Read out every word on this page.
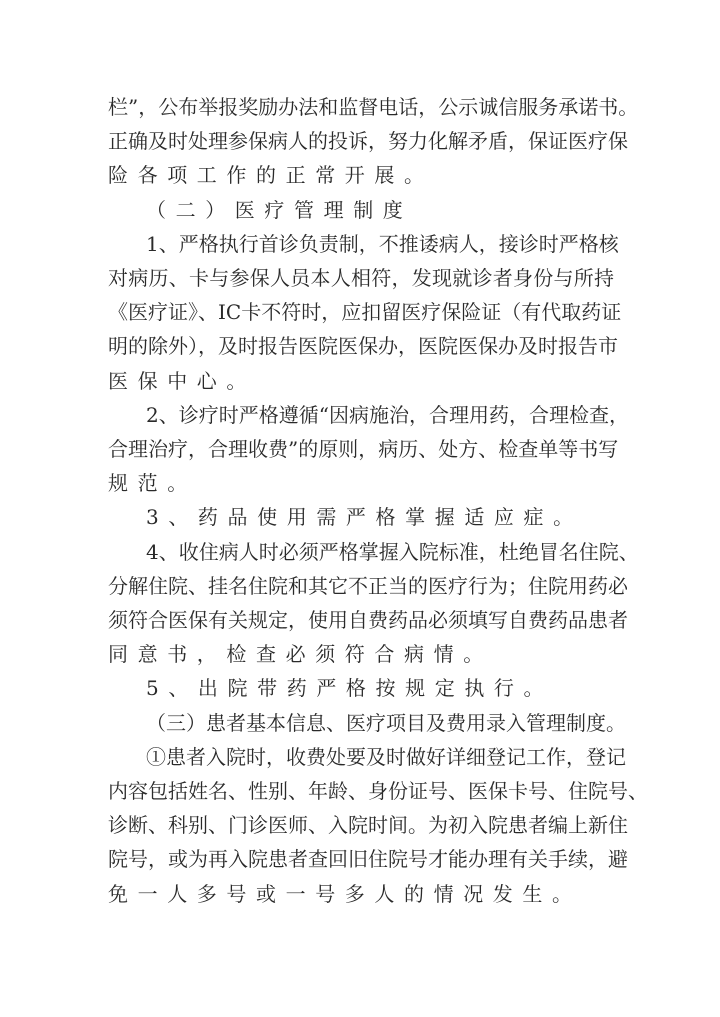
栏”，公布举报奖励办法和监督电话，公示诚信服务承诺书。
正确及时处理参保病人的投诉，努力化解矛盾，保证医疗保
险各项工作的正常开展。
（二）医疗管理制度
1、严格执行首诊负责制，不推诿病人，接诊时严格核
对病历、卡与参保人员本人相符，发现就诊者身份与所持
《医疗证》、IC卡不符时，应扣留医疗保险证（有代取药证
明的除外），及时报告医院医保办，医院医保办及时报告市
医保中心。
2、诊疗时严格遵循“因病施治，合理用药，合理检查，
合理治疗，合理收费”的原则，病历、处方、检查单等书写
规范。
3、药品使用需严格掌握适应症。
4、收住病人时必须严格掌握入院标准，杜绝冒名住院、
分解住院、挂名住院和其它不正当的医疗行为；住院用药必
须符合医保有关规定，使用自费药品必须填写自费药品患者
同意书，检查必须符合病情。
5、出院带药严格按规定执行。
（三）患者基本信息、医疗项目及费用录入管理制度。
①患者入院时，收费处要及时做好详细登记工作，登记
内容包括姓名、性别、年龄、身份证号、医保卡号、住院号、
诊断、科别、门诊医师、入院时间。为初入院患者编上新住
院号，或为再入院患者查回旧住院号才能办理有关手续，避
免一人多号或一号多人的情况发生。
